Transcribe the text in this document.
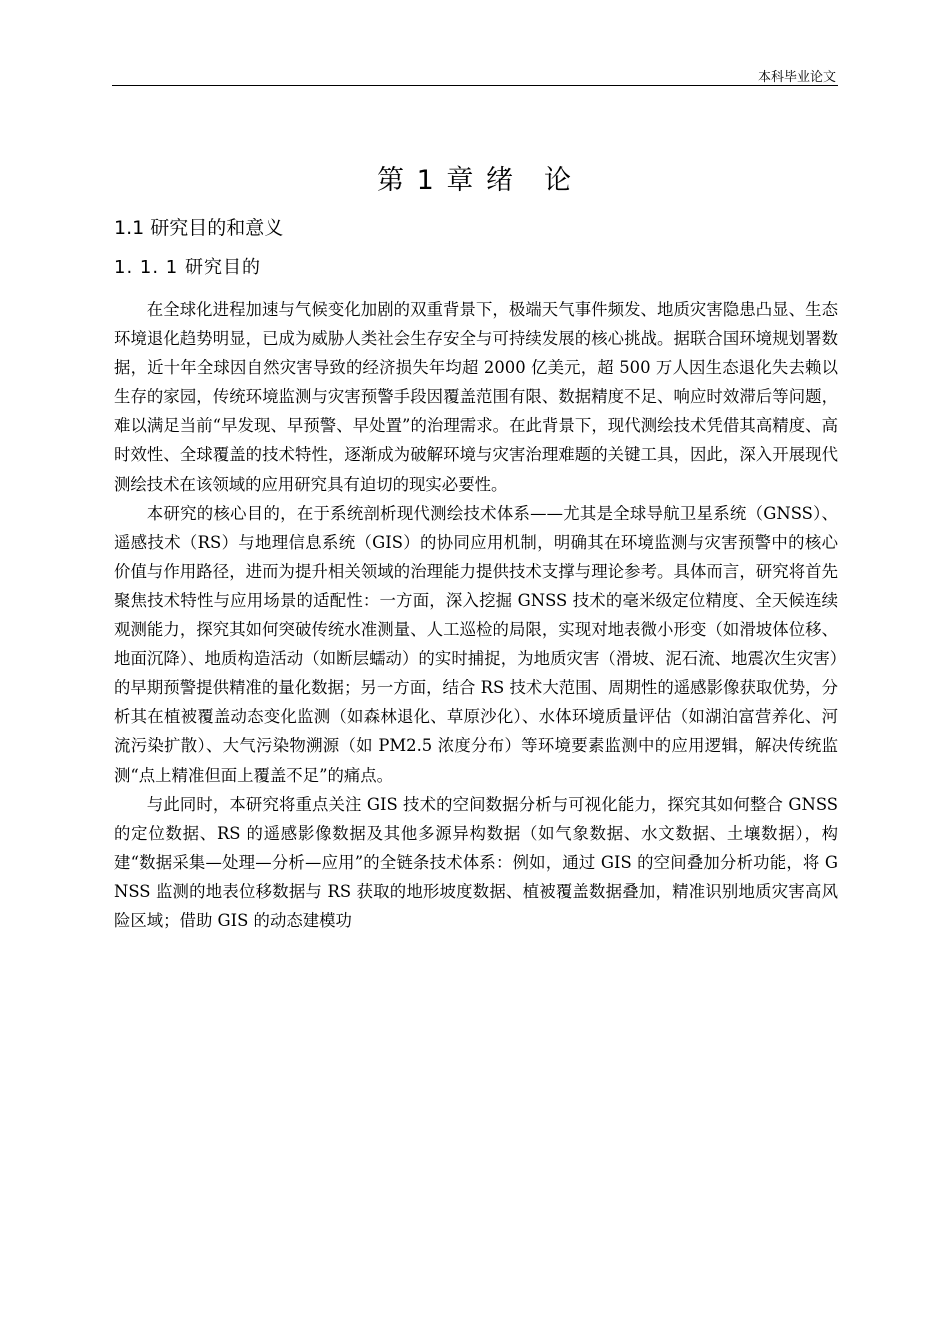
本科毕业论文
第 1 章 绪　论
1.1 研究目的和意义
1. 1. 1 研究目的

在全球化进程加速与气候变化加剧的双重背景下，极端天气事件频发、地质灾害隐患凸显、生态环境退化趋势明显，已成为威胁人类社会生存安全与可持续发展的核心挑战。据联合国环境规划署数据，近十年全球因自然灾害导致的经济损失年均超 2000 亿美元，超 500 万人因生态退化失去赖以生存的家园，传统环境监测与灾害预警手段因覆盖范围有限、数据精度不足、响应时效滞后等问题，难以满足当前“早发现、早预警、早处置”的治理需求。在此背景下，现代测绘技术凭借其高精度、高时效性、全球覆盖的技术特性，逐渐成为破解环境与灾害治理难题的关键工具，因此，深入开展现代测绘技术在该领域的应用研究具有迫切的现实必要性。

本研究的核心目的，在于系统剖析现代测绘技术体系——尤其是全球导航卫星系统（GNSS）、遥感技术（RS）与地理信息系统（GIS）的协同应用机制，明确其在环境监测与灾害预警中的核心价值与作用路径，进而为提升相关领域的治理能力提供技术支撑与理论参考。具体而言，研究将首先聚焦技术特性与应用场景的适配性：一方面，深入挖掘 GNSS 技术的毫米级定位精度、全天候连续观测能力，探究其如何突破传统水准测量、人工巡检的局限，实现对地表微小形变（如滑坡体位移、地面沉降）、地质构造活动（如断层蠕动）的实时捕捉，为地质灾害（滑坡、泥石流、地震次生灾害）的早期预警提供精准的量化数据；另一方面，结合 RS 技术大范围、周期性的遥感影像获取优势，分析其在植被覆盖动态变化监测（如森林退化、草原沙化）、水体环境质量评估（如湖泊富营养化、河流污染扩散）、大气污染物溯源（如 PM2.5 浓度分布）等环境要素监测中的应用逻辑，解决传统监测“点上精准但面上覆盖不足”的痛点。

与此同时，本研究将重点关注 GIS 技术的空间数据分析与可视化能力，探究其如何整合 GNSS 的定位数据、RS 的遥感影像数据及其他多源异构数据（如气象数据、水文数据、土壤数据），构建“数据采集—处理—分析—应用”的全链条技术体系：例如，通过 GIS 的空间叠加分析功能，将 GNSS 监测的地表位移数据与 RS 获取的地形坡度数据、植被覆盖数据叠加，精准识别地质灾害高风险区域；借助 GIS 的动态建模功
